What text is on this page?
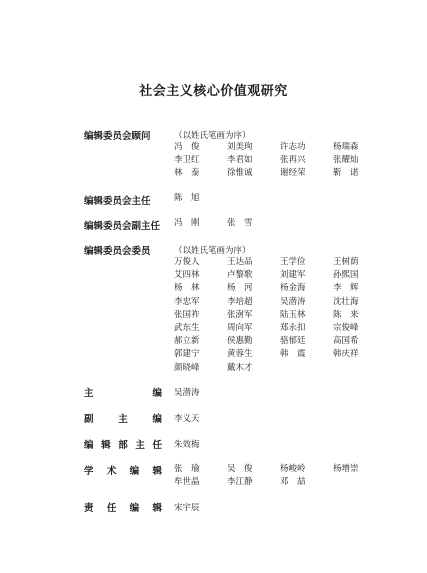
社会主义核心价值观研究
编辑委员会顾问	（以姓氏笔画为序）
冯　俊	刘美珣	许志功	杨瑞森
李卫红	李君如	张再兴	张耀灿
林　泰	徐惟诚	谢经荣	靳　诺
编辑委员会主任	陈　旭
编辑委员会副主任 冯　刚	张　雪
编辑委员会委员	（以姓氏笔画为序）
万俊人	王达品	王学俭	王树荫
艾四林	卢黎歌	刘建军	孙熙国
杨　林	杨　河	杨金海	李　辉
李忠军	李培超	吴潜涛	沈壮海
张国祚	张澍军	陆玉林	陈　来
武东生	周向军	郑永扣	宗俊峰
郝立新	侯惠勤	骆郁廷	高国希
郭建宁	黄蓉生	韩　震	韩庆祥
颜晓峰	戴木才
主	编 吴潜涛
副	主	编 李义天
编 辑 部 主 任 朱效梅
学 术 编 辑 张　瑜	吴　俊	杨峻岭	杨增崇
牟世晶	李江静	邓　喆
责 任 编 辑 宋宇辰
